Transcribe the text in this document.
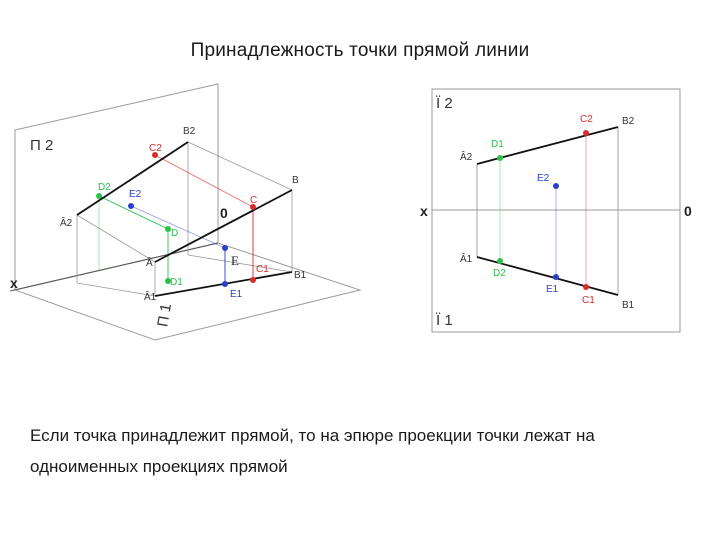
Принадлежность точки прямой линии
П 2
П 1
x
0
Â2
B2
C2
D2
E2
Â
B
C
D
E
Â1
B1
C1
D1
E1
Ï 2
Ï 1
x	0
Â2
B2
C2
D1
E2
Â1
B1
C1
D2
E1
Если точка принадлежит прямой, то на эпюре проекции точки лежат на
одноименных проекциях прямой
